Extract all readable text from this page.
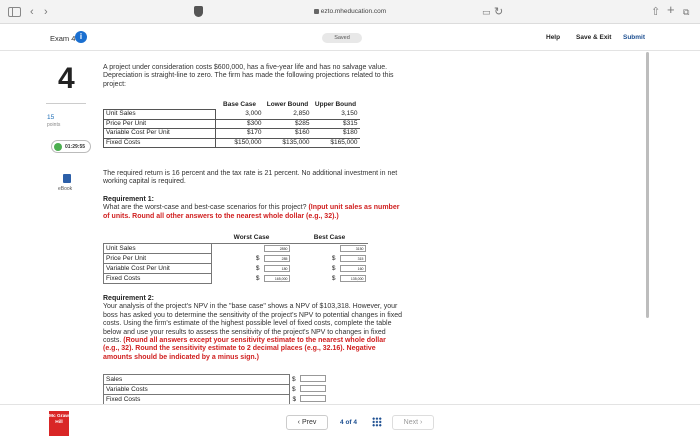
‹ ›	ezto.mheducation.com	▭ ↻	⇧ + ⧉
Exam 4 i	Saved	Help Save & Exit Submit
4
15
points
01:29:55
eBook
A project under consideration costs $600,000, has a five-year life and has no salvage value. Depreciation is straight-line to zero. The firm has made the following projections related to this project:
	Base Case	Lower Bound	Upper Bound
Unit Sales	3,000	2,850	3,150
Price Per Unit	$300	$285	$315
Variable Cost Per Unit	$170	$160	$180
Fixed Costs	$150,000	$135,000	$165,000
The required return is 16 percent and the tax rate is 21 percent. No additional investment in net working capital is required.
Requirement 1:
What are the worst-case and best-case scenarios for this project? (Input unit sales as number of units. Round all other answers to the nearest whole dollar (e.g., 32).)
	Worst Case		Best Case	
Unit Sales		2850		3150
Price Per Unit	$	285	$	315
Variable Cost Per Unit	$	180	$	160
Fixed Costs	$	165,000	$	135,000
Requirement 2:
Your analysis of the project's NPV in the "base case" shows a NPV of $103,318. However, your boss has asked you to determine the sensitivity of the project's NPV to potential changes in fixed costs. Using the firm's estimate of the highest possible level of fixed costs, complete the table below and use your results to assess the sensitivity of the project's NPV to changes in fixed costs. (Round all answers except your sensitivity estimate to the nearest whole dollar (e.g., 32). Round the sensitivity estimate to 2 decimal places (e.g., 32.16). Negative amounts should be indicated by a minus sign.)
Sales	$	
Variable Costs	$	
Fixed Costs	$	
Mc Graw Hill	‹ Prev	4 of 4	Next ›
